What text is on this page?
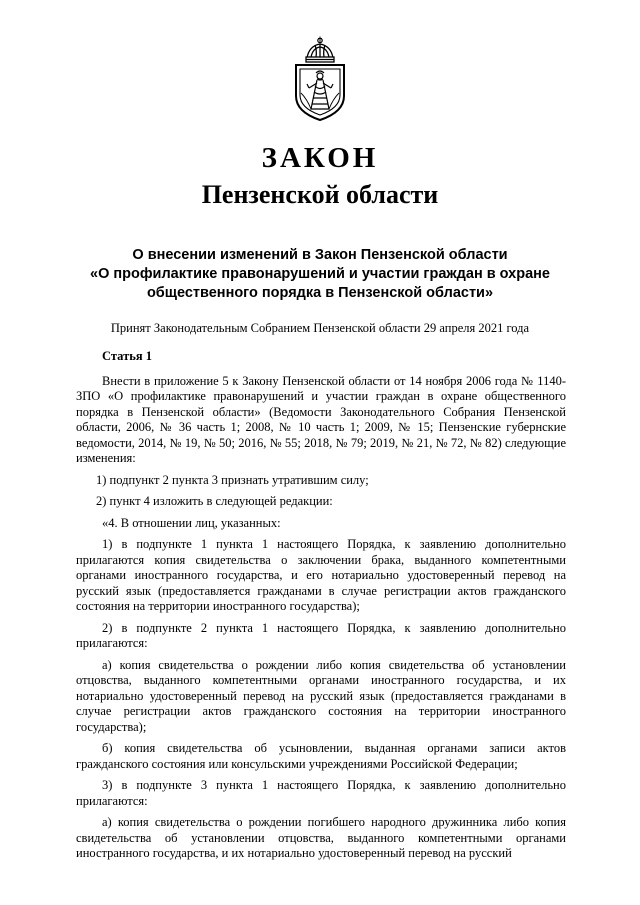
ЗАКОН
Пензенской области
О внесении изменений в Закон Пензенской области
«О профилактике правонарушений и участии граждан в охране
общественного порядка в Пензенской области»
Принят Законодательным Собранием Пензенской области 29 апреля 2021 года

Статья 1

Внести в приложение 5 к Закону Пензенской области от 14 ноября 2006 года № 1140-ЗПО «О профилактике правонарушений и участии граждан в охране общественного порядка в Пензенской области» (Ведомости Законодательного Собрания Пензенской области, 2006, № 36 часть 1; 2008, № 10 часть 1; 2009, № 15; Пензенские губернские ведомости, 2014, № 19, № 50; 2016, № 55; 2018, № 79; 2019, № 21, № 72, № 82) следующие изменения:

1) подпункт 2 пункта 3 признать утратившим силу;

2) пункт 4 изложить в следующей редакции:

«4. В отношении лиц, указанных:

1) в подпункте 1 пункта 1 настоящего Порядка, к заявлению дополнительно прилагаются копия свидетельства о заключении брака, выданного компетентными органами иностранного государства, и его нотариально удостоверенный перевод на русский язык (предоставляется гражданами в случае регистрации актов гражданского состояния на территории иностранного государства);

2) в подпункте 2 пункта 1 настоящего Порядка, к заявлению дополнительно прилагаются:

а) копия свидетельства о рождении либо копия свидетельства об установлении отцовства, выданного компетентными органами иностранного государства, и их нотариально удостоверенный перевод на русский язык (предоставляется гражданами в случае регистрации актов гражданского состояния на территории иностранного государства);

б) копия свидетельства об усыновлении, выданная органами записи актов гражданского состояния или консульскими учреждениями Российской Федерации;

3) в подпункте 3 пункта 1 настоящего Порядка, к заявлению дополнительно прилагаются:

а) копия свидетельства о рождении погибшего народного дружинника либо копия свидетельства об установлении отцовства, выданного компетентными органами иностранного государства, и их нотариально удостоверенный перевод на русский
